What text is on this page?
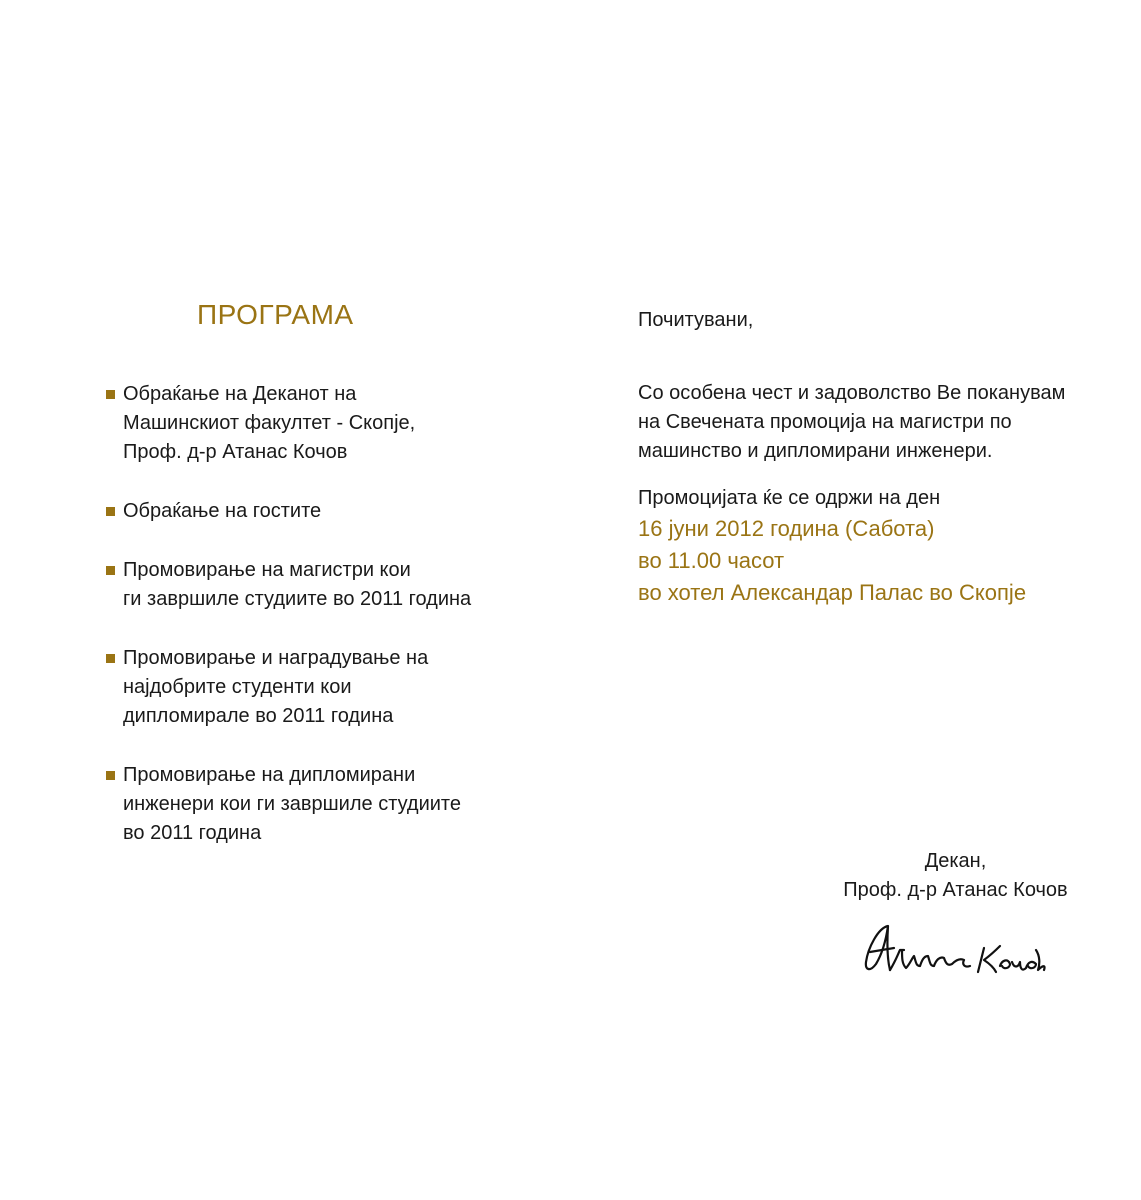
ПРОГРАМА
Обраќање на Деканот на
Машинскиот факултет - Скопје,
Проф. д-р Атанас Кочов
Обраќање на гостите
Промовирање на магистри кои
ги завршиле студиите во 2011 година
Промовирање и наградување на
најдобрите студенти кои
дипломирале во 2011 година
Промовирање на дипломирани
инженери кои ги завршиле студиите
во 2011 година

Почитувани,

Со особена чест и задоволство Ве поканувам
на Свечената промоција на магистри по
машинство и дипломирани инженери.

Промоцијата ќе се одржи на ден
16 јуни 2012 година (Сабота)
во 11.00 часот
во хотел Александар Палас во Скопје

Декан,
Проф. д-р Атанас Кочов
